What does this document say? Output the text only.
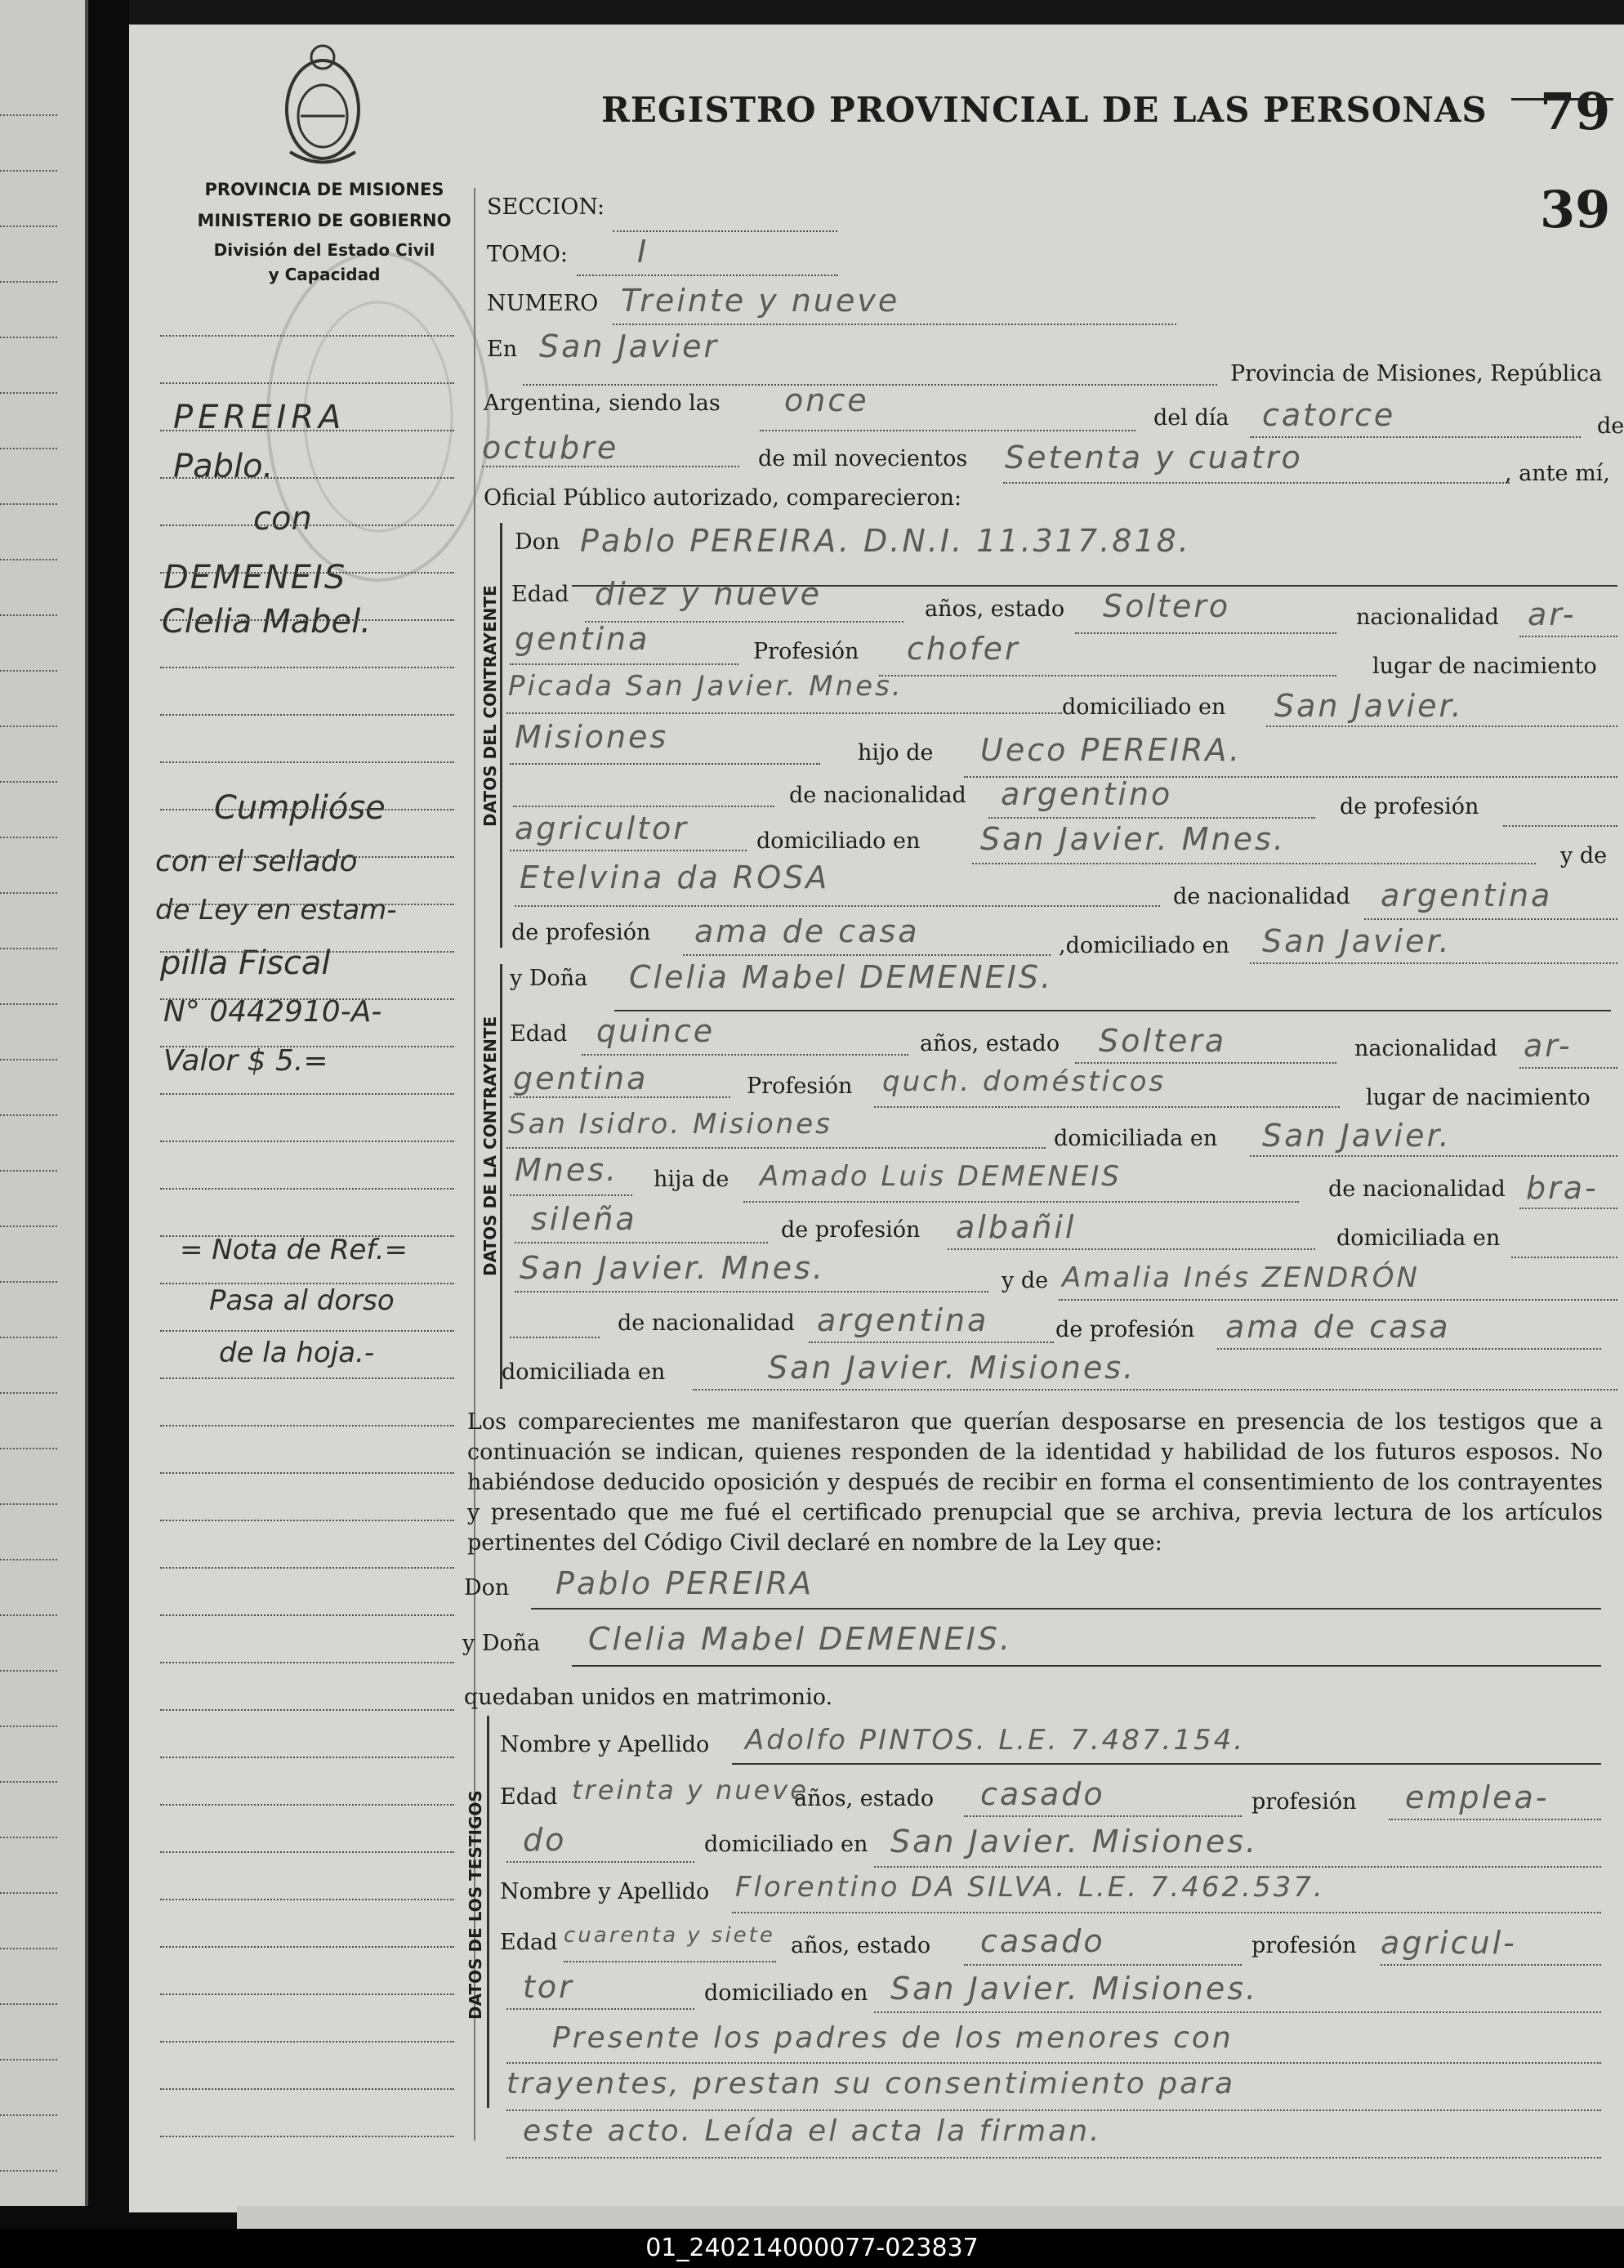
PROVINCIA DE MISIONES
MINISTERIO DE GOBIERNO
División del Estado Civil
y Capacidad
REGISTRO PROVINCIAL DE LAS PERSONAS 79
39
SECCION:
TOMO: I
NUMERO Treinte y nueve
En San Javier
Provincia de Misiones, República
Argentina, siendo las once	del día catorce	de
octubre	de mil novecientos Setenta y cuatro	, ante mí,
Oficial Público autorizado, comparecieron:
DATOS DEL CONTRAYENTE
Don Pablo PEREIRA. D.N.I. 11.317.818.
Edad diez y nueve	años, estado Soltero	nacionalidad ar-
gentina	Profesión chofer	lugar de nacimiento
Picada San Javier. Mnes.
domiciliado en San Javier.
Misiones	hijo de Ueco PEREIRA.
de nacionalidad argentino	de profesión
agricultor	domiciliado en San Javier. Mnes.	y de
Etelvina da ROSA
de nacionalidad argentina
de profesión ama de casa	,domiciliado en San Javier.
DATOS DE LA CONTRAYENTE
y Doña Clelia Mabel DEMENEIS.
Edad quince	años, estado Soltera	nacionalidad ar-
gentina	Profesión quch. domésticos	lugar de nacimiento
San Isidro. Misiones	domiciliada en San Javier.
Mnes. hija de Amado Luis DEMENEIS	de nacionalidad bra-
sileña	de profesión albañil	domiciliada en
San Javier. Mnes.	y de Amalia Inés ZENDRÓN
de nacionalidad argentina	de profesión ama de casa
domiciliada en	San Javier. Misiones.
Los comparecientes me manifestaron que querían desposarse en presencia de los testigos que a continuación se indican, quienes responden de la identidad y habilidad de los futuros esposos. No habiéndose deducido oposición y después de recibir en forma el consentimiento de los contrayentes y presentado que me fué el certificado prenupcial que se archiva, previa lectura de los artículos pertinentes del Código Civil declaré en nombre de la Ley que:
Don Pablo PEREIRA
y Doña Clelia Mabel DEMENEIS.
quedaban unidos en matrimonio.
DATOS DE LOS TESTIGOS
Nombre y Apellido Adolfo PINTOS. L.E. 7.487.154.
Edad treinta y nueve
años, estado casado	profesión emplea-
do	domiciliado en San Javier. Misiones.
Nombre y Apellido Florentino DA SILVA. L.E. 7.462.537.
Edad cuarenta y siete años, estado casado	profesión agricul-
tor	domiciliado en San Javier. Misiones.
Presente los padres de los menores con
trayentes, prestan su consentimiento para
este acto. Leída el acta la firman.
PEREIRA
Pablo.
con
DEMENEIS
Clelia Mabel.
Cumplióse
con el sellado
de Ley en estam-
pilla Fiscal
N° 0442910-A-
Valor $ 5.=
= Nota de Ref.=
Pasa al dorso
de la hoja.-
01_240214000077-023837
